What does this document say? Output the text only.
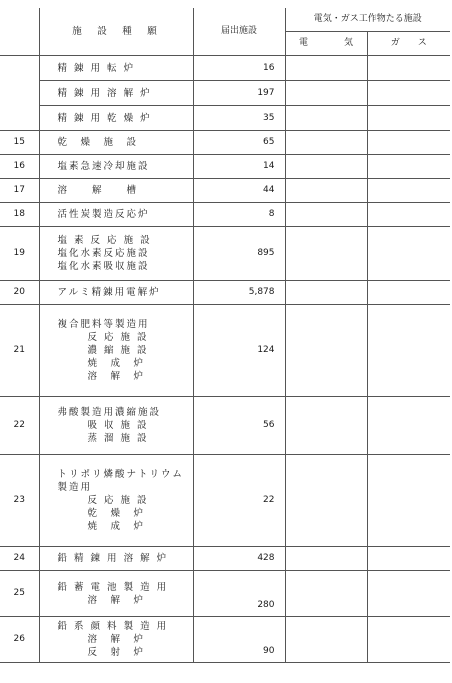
	施　設　種　願	届出施設	電気・ガス工作物たる施設	
			電　　　　気	ガ　　ス

	精 錬 用 転 炉	16		

	精 錬 用 溶 解 炉	197		

	精 錬 用 乾 燥 炉	35		
15	乾　燥　施　設	65		
16	塩素急速冷却施設	14		
17	溶　　解　　槽	44		
18	活性炭製造反応炉	8		
19	塩 素 反 応 施 設
塩化水素反応施設
塩化水素吸収施設	895		
20	アルミ精錬用電解炉	5,878		
21	複合肥料等製造用
反 応 施 設
濃 縮 施 設
焼　成　炉
溶　解　炉	124		
22	弗酸製造用濃縮施設
吸 収 施 設
蒸 溜 施 設	56		
23	トリポリ燐酸ナトリウム
製造用
反 応 施 設
乾　燥　炉
焼　成　炉	22		
24	鉛 精 錬 用 溶 解 炉	428		
25	鉛 蓄 電 池 製 造 用
溶　解　炉	280		
26	鉛 系 顔 料 製 造 用
溶　解　炉
反　射　炉	90		
